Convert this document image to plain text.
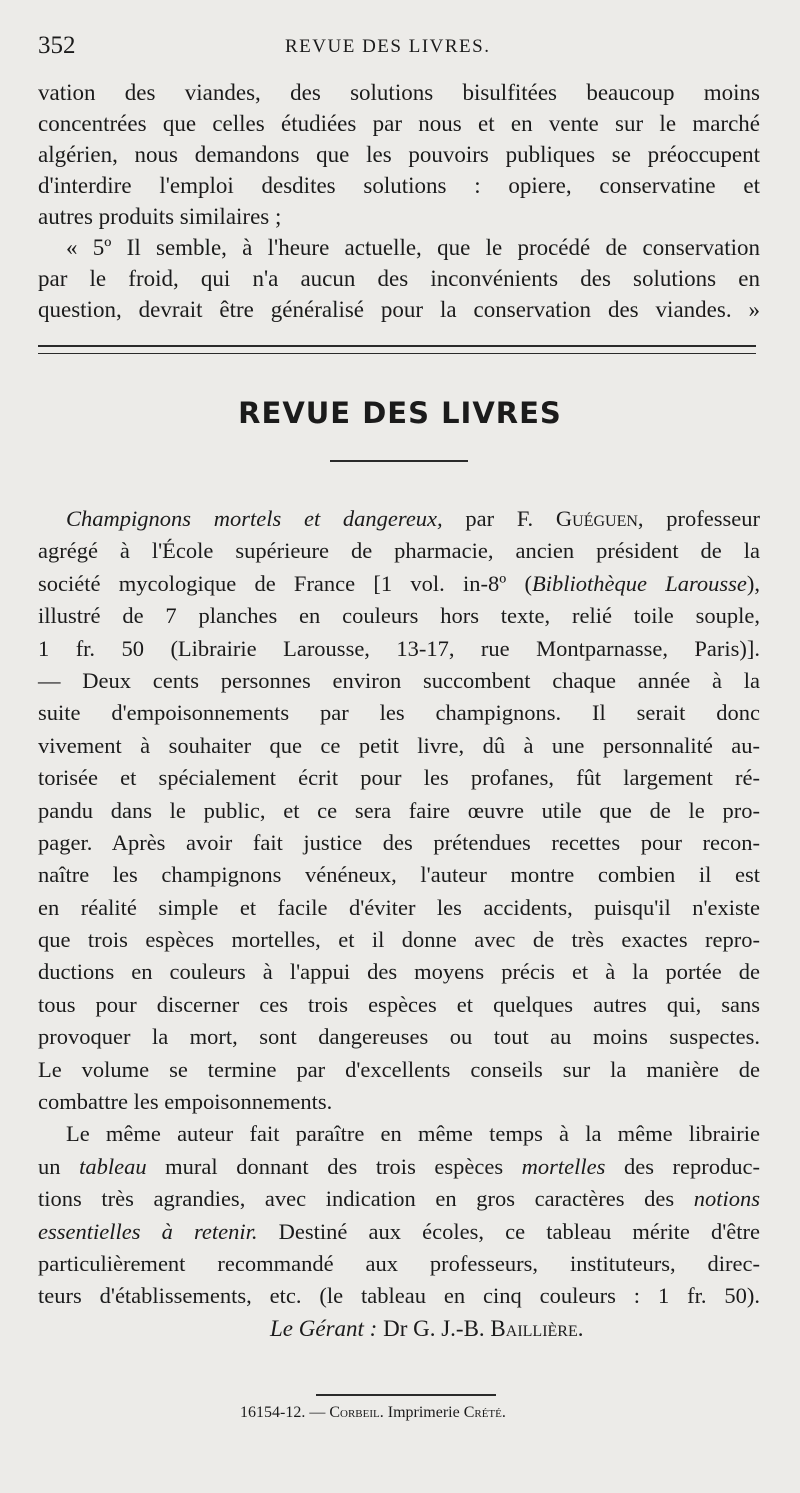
352	REVUE DES LIVRES.
vation des viandes, des solutions bisulfitées beaucoup moins
concentrées que celles étudiées par nous et en vente sur le marché
algérien, nous demandons que les pouvoirs publiques se préoccupent
d'interdire l'emploi desdites solutions : opiere, conservatine et
autres produits similaires ;
« 5º Il semble, à l'heure actuelle, que le procédé de conservation
par le froid, qui n'a aucun des inconvénients des solutions en
question, devrait être généralisé pour la conservation des viandes. »
REVUE DES LIVRES
Champignons mortels et dangereux, par F. Guéguen, professeur
agrégé à l'École supérieure de pharmacie, ancien président de la
société mycologique de France [1 vol. in-8º (Bibliothèque Larousse),
illustré de 7 planches en couleurs hors texte, relié toile souple,
1 fr. 50 (Librairie Larousse, 13-17, rue Montparnasse, Paris)].
— Deux cents personnes environ succombent chaque année à la
suite d'empoisonnements par les champignons. Il serait donc
vivement à souhaiter que ce petit livre, dû à une personnalité au-
torisée et spécialement écrit pour les profanes, fût largement ré-
pandu dans le public, et ce sera faire œuvre utile que de le pro-
pager. Après avoir fait justice des prétendues recettes pour recon-
naître les champignons vénéneux, l'auteur montre combien il est
en réalité simple et facile d'éviter les accidents, puisqu'il n'existe
que trois espèces mortelles, et il donne avec de très exactes repro-
ductions en couleurs à l'appui des moyens précis et à la portée de
tous pour discerner ces trois espèces et quelques autres qui, sans
provoquer la mort, sont dangereuses ou tout au moins suspectes.
Le volume se termine par d'excellents conseils sur la manière de
combattre les empoisonnements.
Le même auteur fait paraître en même temps à la même librairie
un tableau mural donnant des trois espèces mortelles des reproduc-
tions très agrandies, avec indication en gros caractères des notions
essentielles à retenir. Destiné aux écoles, ce tableau mérite d'être
particulièrement recommandé aux professeurs, instituteurs, direc-
teurs d'établissements, etc. (le tableau en cinq couleurs : 1 fr. 50).
Le Gérant : Dr G. J.-B. Baillière.
16154-12. — Corbeil. Imprimerie Crété.
